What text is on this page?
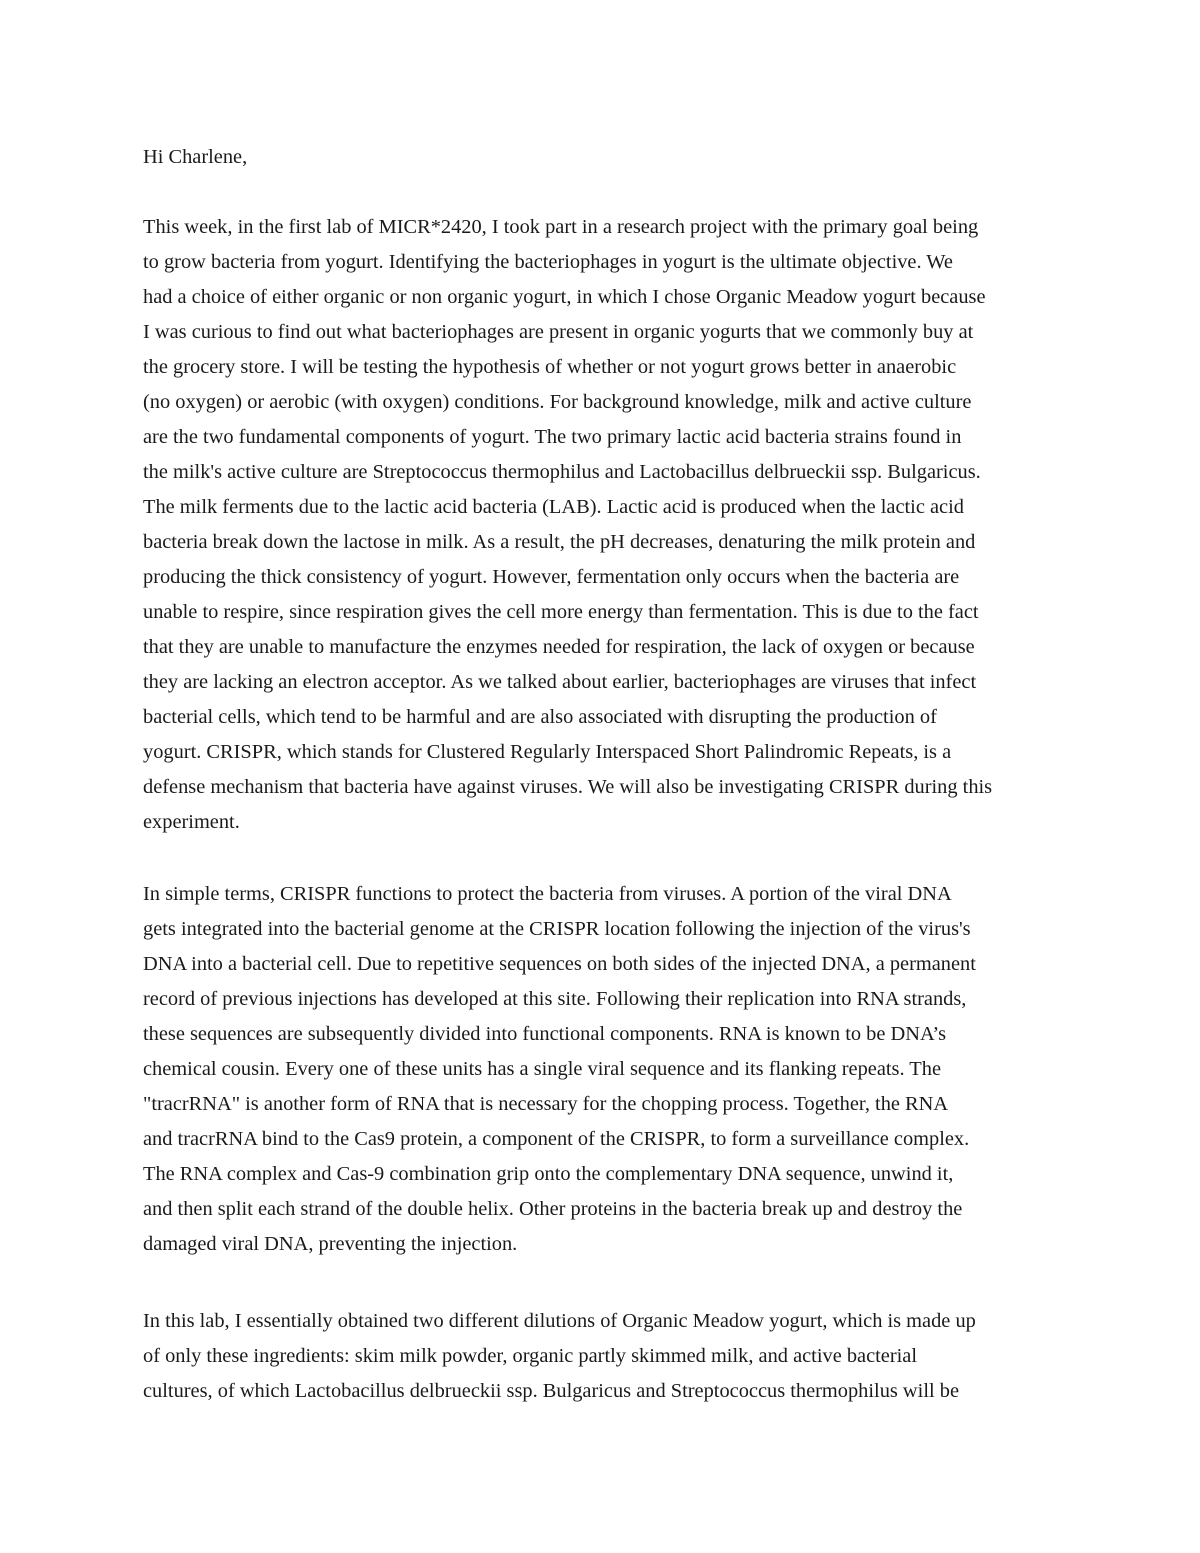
Hi Charlene,
This week, in the first lab of MICR*2420, I took part in a research project with the primary goal being
to grow bacteria from yogurt. Identifying the bacteriophages in yogurt is the ultimate objective. We
had a choice of either organic or non organic yogurt, in which I chose Organic Meadow yogurt because
I was curious to find out what bacteriophages are present in organic yogurts that we commonly buy at
the grocery store. I will be testing the hypothesis of whether or not yogurt grows better in anaerobic
(no oxygen) or aerobic (with oxygen) conditions. For background knowledge, milk and active culture
are the two fundamental components of yogurt. The two primary lactic acid bacteria strains found in
the milk's active culture are Streptococcus thermophilus and Lactobacillus delbrueckii ssp. Bulgaricus.
The milk ferments due to the lactic acid bacteria (LAB). Lactic acid is produced when the lactic acid
bacteria break down the lactose in milk. As a result, the pH decreases, denaturing the milk protein and
producing the thick consistency of yogurt. However, fermentation only occurs when the bacteria are
unable to respire, since respiration gives the cell more energy than fermentation. This is due to the fact
that they are unable to manufacture the enzymes needed for respiration, the lack of oxygen or because
they are lacking an electron acceptor. As we talked about earlier, bacteriophages are viruses that infect
bacterial cells, which tend to be harmful and are also associated with disrupting the production of
yogurt. CRISPR, which stands for Clustered Regularly Interspaced Short Palindromic Repeats, is a
defense mechanism that bacteria have against viruses. We will also be investigating CRISPR during this
experiment.
In simple terms, CRISPR functions to protect the bacteria from viruses. A portion of the viral DNA
gets integrated into the bacterial genome at the CRISPR location following the injection of the virus's
DNA into a bacterial cell. Due to repetitive sequences on both sides of the injected DNA, a permanent
record of previous injections has developed at this site. Following their replication into RNA strands,
these sequences are subsequently divided into functional components. RNA is known to be DNA’s
chemical cousin. Every one of these units has a single viral sequence and its flanking repeats. The
"tracrRNA" is another form of RNA that is necessary for the chopping process. Together, the RNA
and tracrRNA bind to the Cas9 protein, a component of the CRISPR, to form a surveillance complex.
The RNA complex and Cas-9 combination grip onto the complementary DNA sequence, unwind it,
and then split each strand of the double helix. Other proteins in the bacteria break up and destroy the
damaged viral DNA, preventing the injection.
In this lab, I essentially obtained two different dilutions of Organic Meadow yogurt, which is made up
of only these ingredients: skim milk powder, organic partly skimmed milk, and active bacterial
cultures, of which Lactobacillus delbrueckii ssp. Bulgaricus and Streptococcus thermophilus will be
